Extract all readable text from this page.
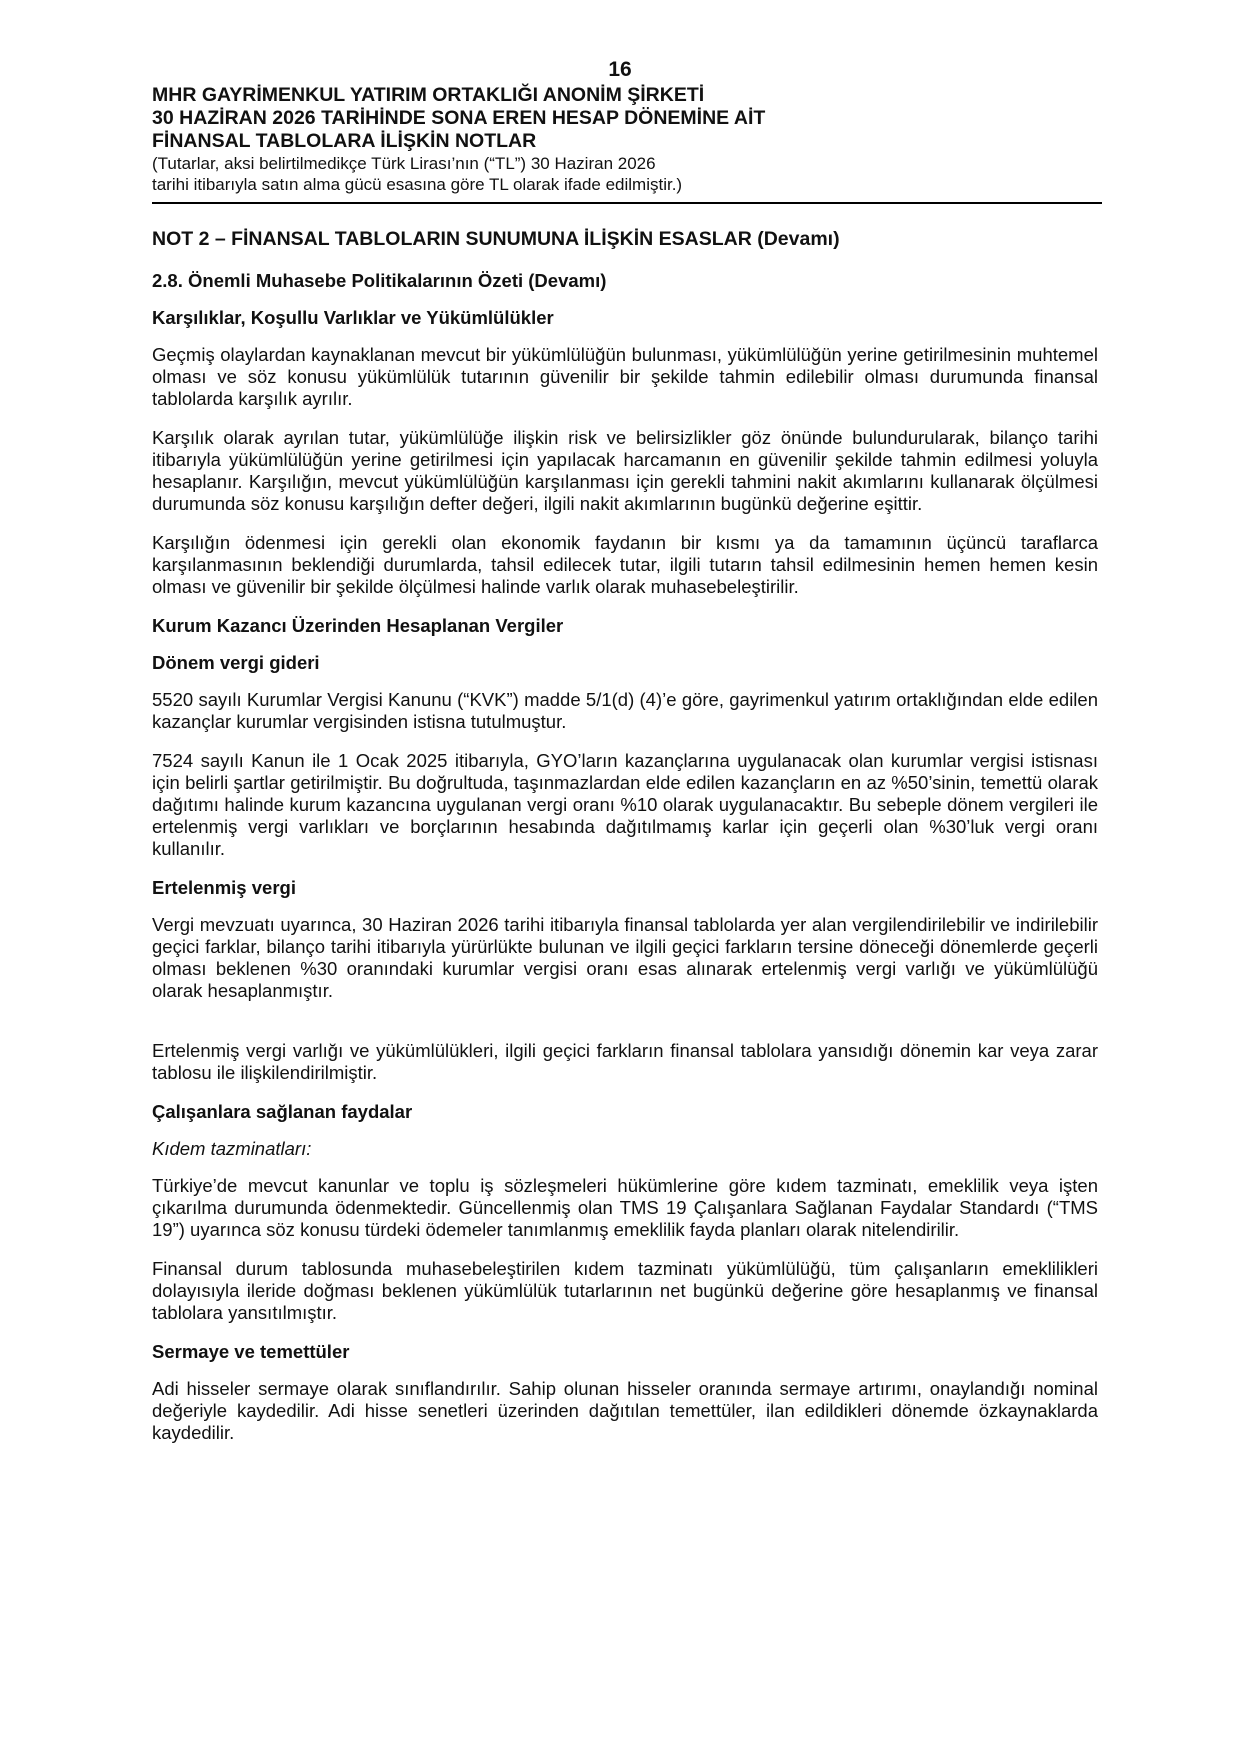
16
MHR GAYRİMENKUL YATIRIM ORTAKLIĞI ANONİM ŞİRKETİ
30 HAZİRAN 2026 TARİHİNDE SONA EREN HESAP DÖNEMİNE AİT
FİNANSAL TABLOLARA İLİŞKİN NOTLAR
(Tutarlar, aksi belirtilmedikçe Türk Lirası’nın (“TL”) 30 Haziran 2026
tarihi itibarıyla satın alma gücü esasına göre TL olarak ifade edilmiştir.)
NOT 2 – FİNANSAL TABLOLARIN SUNUMUNA İLİŞKİN ESASLAR (Devamı)
2.8. Önemli Muhasebe Politikalarının Özeti (Devamı)
Karşılıklar, Koşullu Varlıklar ve Yükümlülükler

Geçmiş olaylardan kaynaklanan mevcut bir yükümlülüğün bulunması, yükümlülüğün yerine getirilmesinin muhtemel olması ve söz konusu yükümlülük tutarının güvenilir bir şekilde tahmin edilebilir olması durumunda finansal tablolarda karşılık ayrılır.

Karşılık olarak ayrılan tutar, yükümlülüğe ilişkin risk ve belirsizlikler göz önünde bulundurularak, bilanço tarihi itibarıyla yükümlülüğün yerine getirilmesi için yapılacak harcamanın en güvenilir şekilde tahmin edilmesi yoluyla hesaplanır. Karşılığın, mevcut yükümlülüğün karşılanması için gerekli tahmini nakit akımlarını kullanarak ölçülmesi durumunda söz konusu karşılığın defter değeri, ilgili nakit akımlarının bugünkü değerine eşittir.

Karşılığın ödenmesi için gerekli olan ekonomik faydanın bir kısmı ya da tamamının üçüncü taraflarca karşılanmasının beklendiği durumlarda, tahsil edilecek tutar, ilgili tutarın tahsil edilmesinin hemen hemen kesin olması ve güvenilir bir şekilde ölçülmesi halinde varlık olarak muhasebeleştirilir.

Kurum Kazancı Üzerinden Hesaplanan Vergiler
Dönem vergi gideri

5520 sayılı Kurumlar Vergisi Kanunu (“KVK”) madde 5/1(d) (4)’e göre, gayrimenkul yatırım ortaklığından elde edilen kazançlar kurumlar vergisinden istisna tutulmuştur.

7524 sayılı Kanun ile 1 Ocak 2025 itibarıyla, GYO’ların kazançlarına uygulanacak olan kurumlar vergisi istisnası için belirli şartlar getirilmiştir. Bu doğrultuda, taşınmazlardan elde edilen kazançların en az %50’sinin, temettü olarak dağıtımı halinde kurum kazancına uygulanan vergi oranı %10 olarak uygulanacaktır. Bu sebeple dönem vergileri ile ertelenmiş vergi varlıkları ve borçlarının hesabında dağıtılmamış karlar için geçerli olan %30’luk vergi oranı kullanılır.

Ertelenmiş vergi

Vergi mevzuatı uyarınca, 30 Haziran 2026 tarihi itibarıyla finansal tablolarda yer alan vergilendirilebilir ve indirilebilir geçici farklar, bilanço tarihi itibarıyla yürürlükte bulunan ve ilgili geçici farkların tersine döneceği dönemlerde geçerli olması beklenen %30 oranındaki kurumlar vergisi oranı esas alınarak ertelenmiş vergi varlığı ve yükümlülüğü olarak hesaplanmıştır.

Ertelenmiş vergi varlığı ve yükümlülükleri, ilgili geçici farkların finansal tablolara yansıdığı dönemin kar veya zarar tablosu ile ilişkilendirilmiştir.

Çalışanlara sağlanan faydalar
Kıdem tazminatları:

Türkiye’de mevcut kanunlar ve toplu iş sözleşmeleri hükümlerine göre kıdem tazminatı, emeklilik veya işten çıkarılma durumunda ödenmektedir. Güncellenmiş olan TMS 19 Çalışanlara Sağlanan Faydalar Standardı (“TMS 19”) uyarınca söz konusu türdeki ödemeler tanımlanmış emeklilik fayda planları olarak nitelendirilir.

Finansal durum tablosunda muhasebeleştirilen kıdem tazminatı yükümlülüğü, tüm çalışanların emeklilikleri dolayısıyla ileride doğması beklenen yükümlülük tutarlarının net bugünkü değerine göre hesaplanmış ve finansal tablolara yansıtılmıştır.

Sermaye ve temettüler

Adi hisseler sermaye olarak sınıflandırılır. Sahip olunan hisseler oranında sermaye artırımı, onaylandığı nominal değeriyle kaydedilir. Adi hisse senetleri üzerinden dağıtılan temettüler, ilan edildikleri dönemde özkaynaklarda kaydedilir.
